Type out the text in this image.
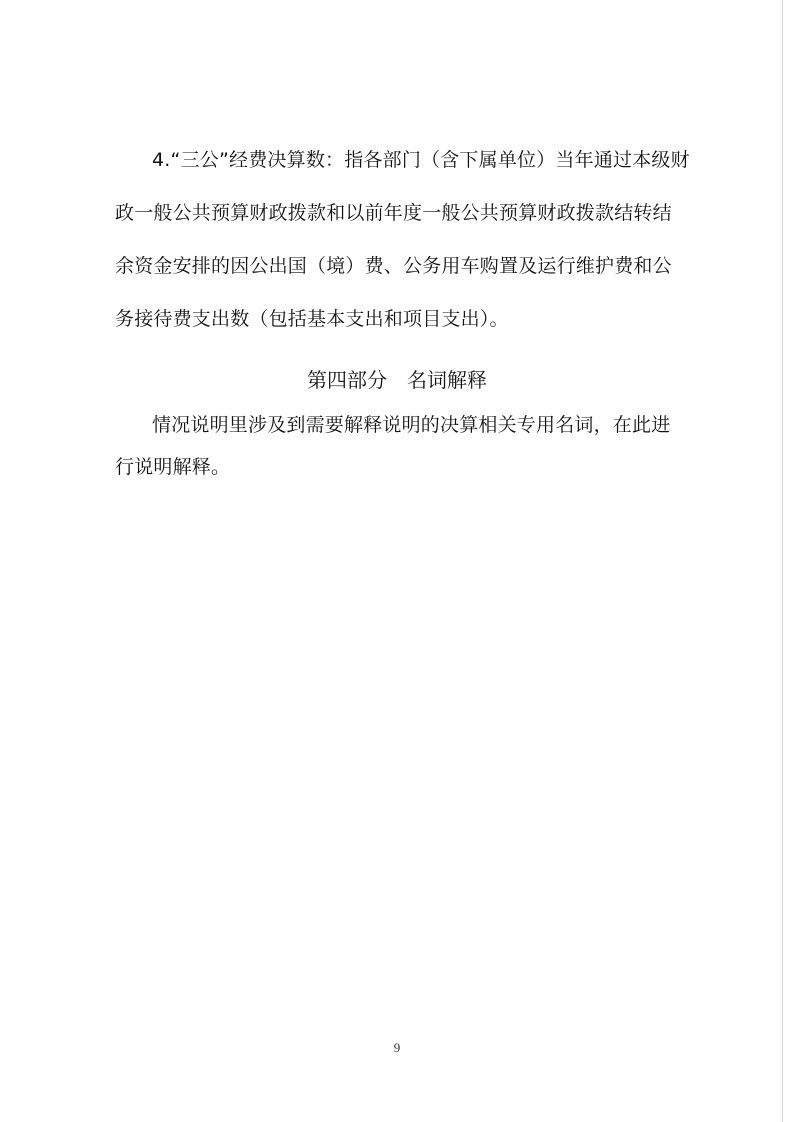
4.“三公”经费决算数：指各部门（含下属单位）当年通过本级财
政一般公共预算财政拨款和以前年度一般公共预算财政拨款结转结
余资金安排的因公出国（境）费、公务用车购置及运行维护费和公
务接待费支出数（包括基本支出和项目支出）。
第四部分　名词解释
情况说明里涉及到需要解释说明的决算相关专用名词，在此进
行说明解释。
9
